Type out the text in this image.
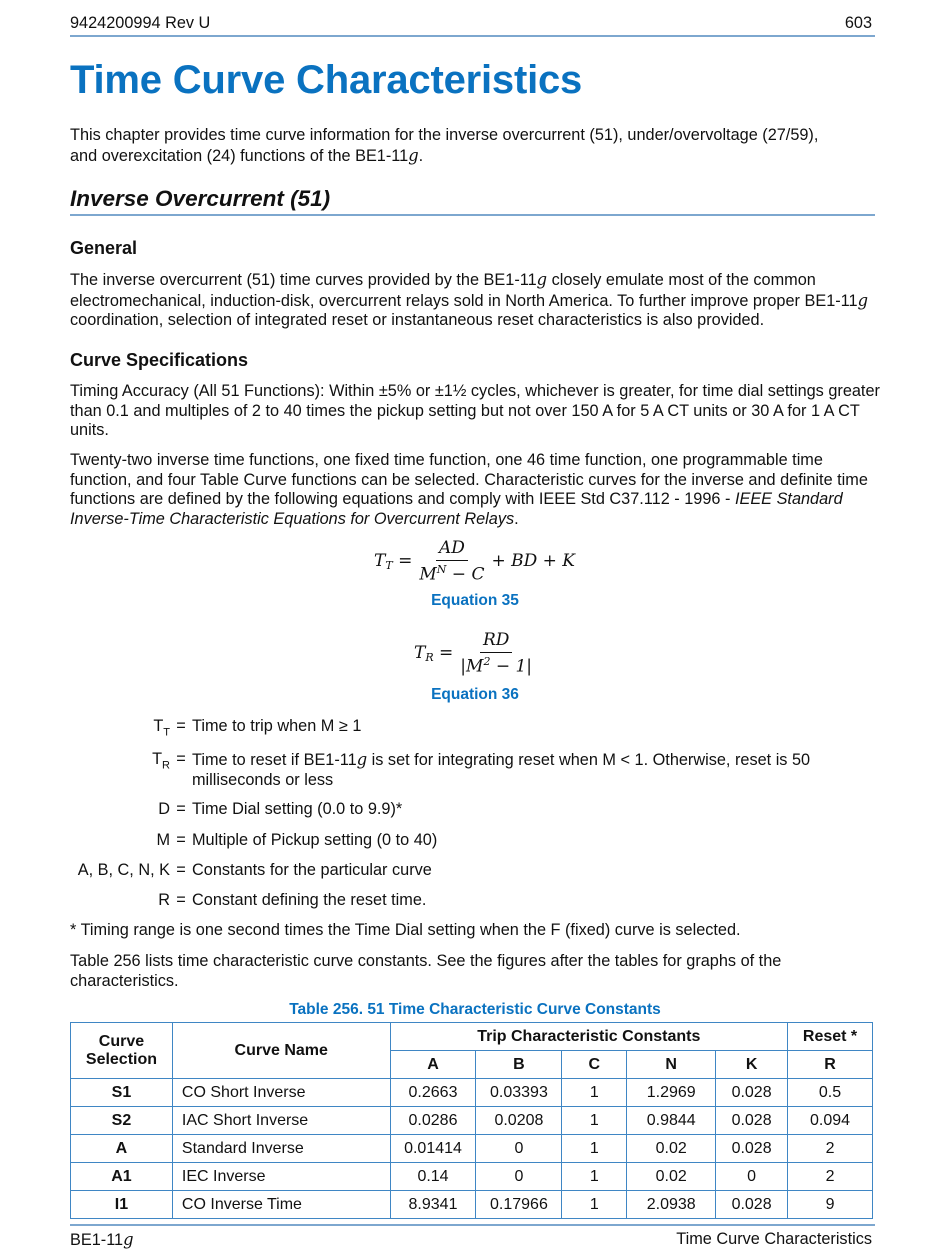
9424200994 Rev U	603
Time Curve Characteristics
This chapter provides time curve information for the inverse overcurrent (51), under/overvoltage (27/59),
and overexcitation (24) functions of the BE1-11g.
Inverse Overcurrent (51)
General
The inverse overcurrent (51) time curves provided by the BE1-11g closely emulate most of the common electromechanical, induction-disk, overcurrent relays sold in North America. To further improve proper BE1-11g coordination, selection of integrated reset or instantaneous reset characteristics is also provided.
Curve Specifications
Timing Accuracy (All 51 Functions): Within ±5% or ±1½ cycles, whichever is greater, for time dial settings greater than 0.1 and multiples of 2 to 40 times the pickup setting but not over 150 A for 5 A CT units or 30 A for 1 A CT units.
Twenty-two inverse time functions, one fixed time function, one 46 time function, one programmable time function, and four Table Curve functions can be selected. Characteristic curves for the inverse and definite time functions are defined by the following equations and comply with IEEE Std C37.112 - 1996 - IEEE Standard Inverse-Time Characteristic Equations for Overcurrent Relays.
$T_T = \frac{AD}{M^N - C}$ + BD + K
Equation 35
$T_R = \frac{RD}{|M^2 - 1|}$
Equation 36
$T_T$ = Time to trip when M ≥ 1
$T_R$ = Time to reset if BE1-11g is set for integrating reset when M < 1. Otherwise, reset is 50 milliseconds or less
D = Time Dial setting (0.0 to 9.9)*
M = Multiple of Pickup setting (0 to 40)
A, B, C, N, K = Constants for the particular curve
R = Constant defining the reset time.
* Timing range is one second times the Time Dial setting when the F (fixed) curve is selected.
Table 256 lists time characteristic curve constants. See the figures after the tables for graphs of the characteristics.
Table 256. 51 Time Characteristic Curve Constants
Curve Selection	Curve Name	Trip Characteristic Constants					Reset *
		A	B	C	N	K	R
S1	CO Short Inverse	0.2663	0.03393	1	1.2969	0.028	0.5
S2	IAC Short Inverse	0.0286	0.0208	1	0.9844	0.028	0.094
A	Standard Inverse	0.01414	0	1	0.02	0.028	2
A1	IEC Inverse	0.14	0	1	0.02	0	2
I1	CO Inverse Time	8.9341	0.17966	1	2.0938	0.028	9
BE1-11g	Time Curve Characteristics
